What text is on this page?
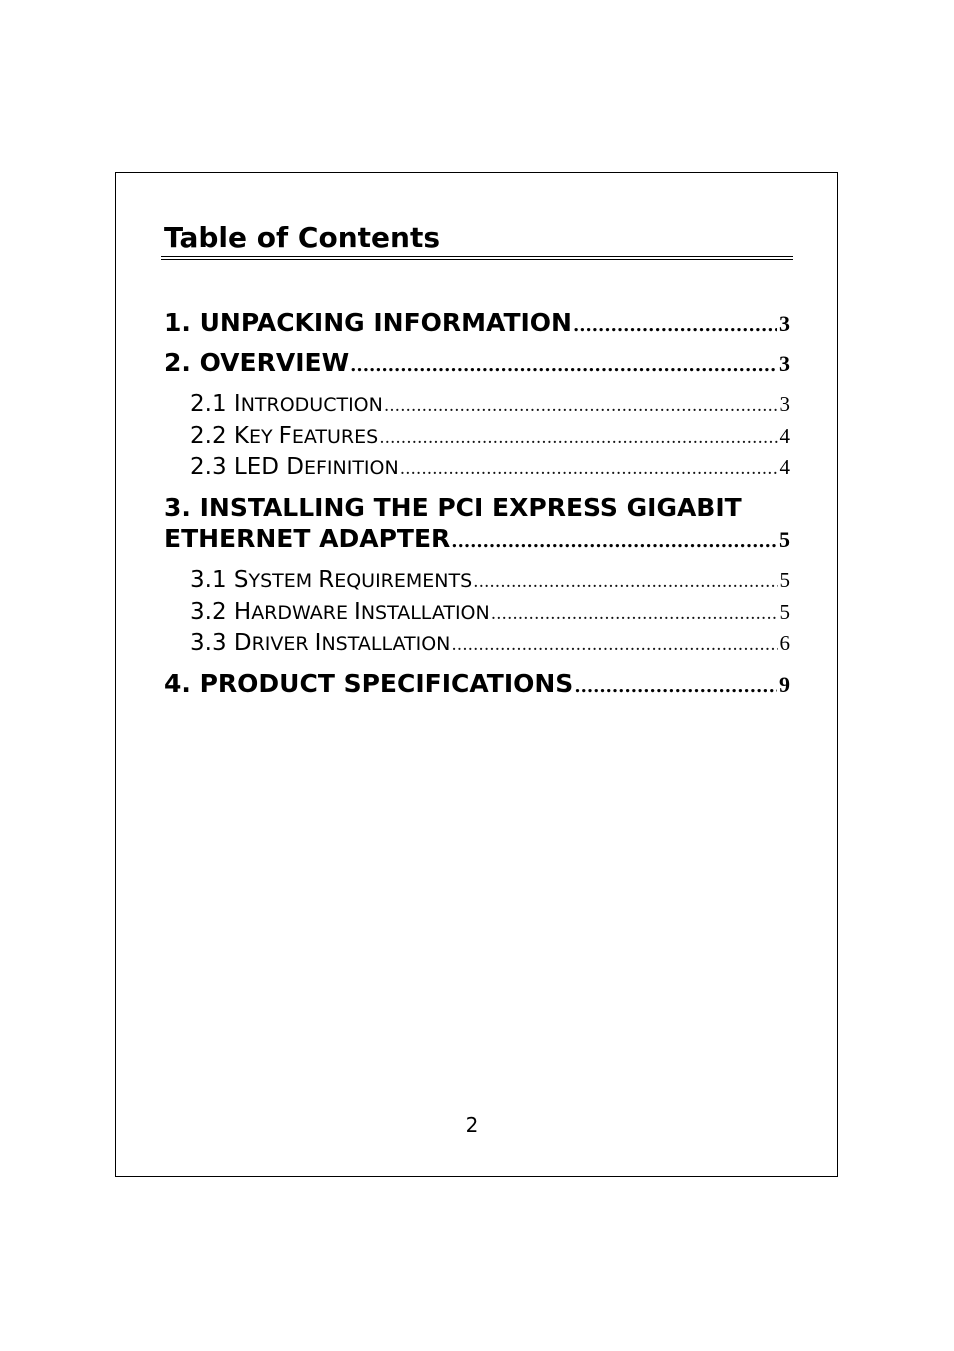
Table of Contents
1. UNPACKING INFORMATION .....	3
2. OVERVIEW .....	3
2.1 INTRODUCTION .....	3
2.2 KEY FEATURES .....	4
2.3 LED DEFINITION .....	4
3. INSTALLING THE PCI EXPRESS GIGABIT
ETHERNET ADAPTER .....	5
3.1 SYSTEM REQUIREMENTS .....	5
3.2 HARDWARE INSTALLATION .....	5
3.3 DRIVER INSTALLATION .....	6
4. PRODUCT SPECIFICATIONS .....	9
2
